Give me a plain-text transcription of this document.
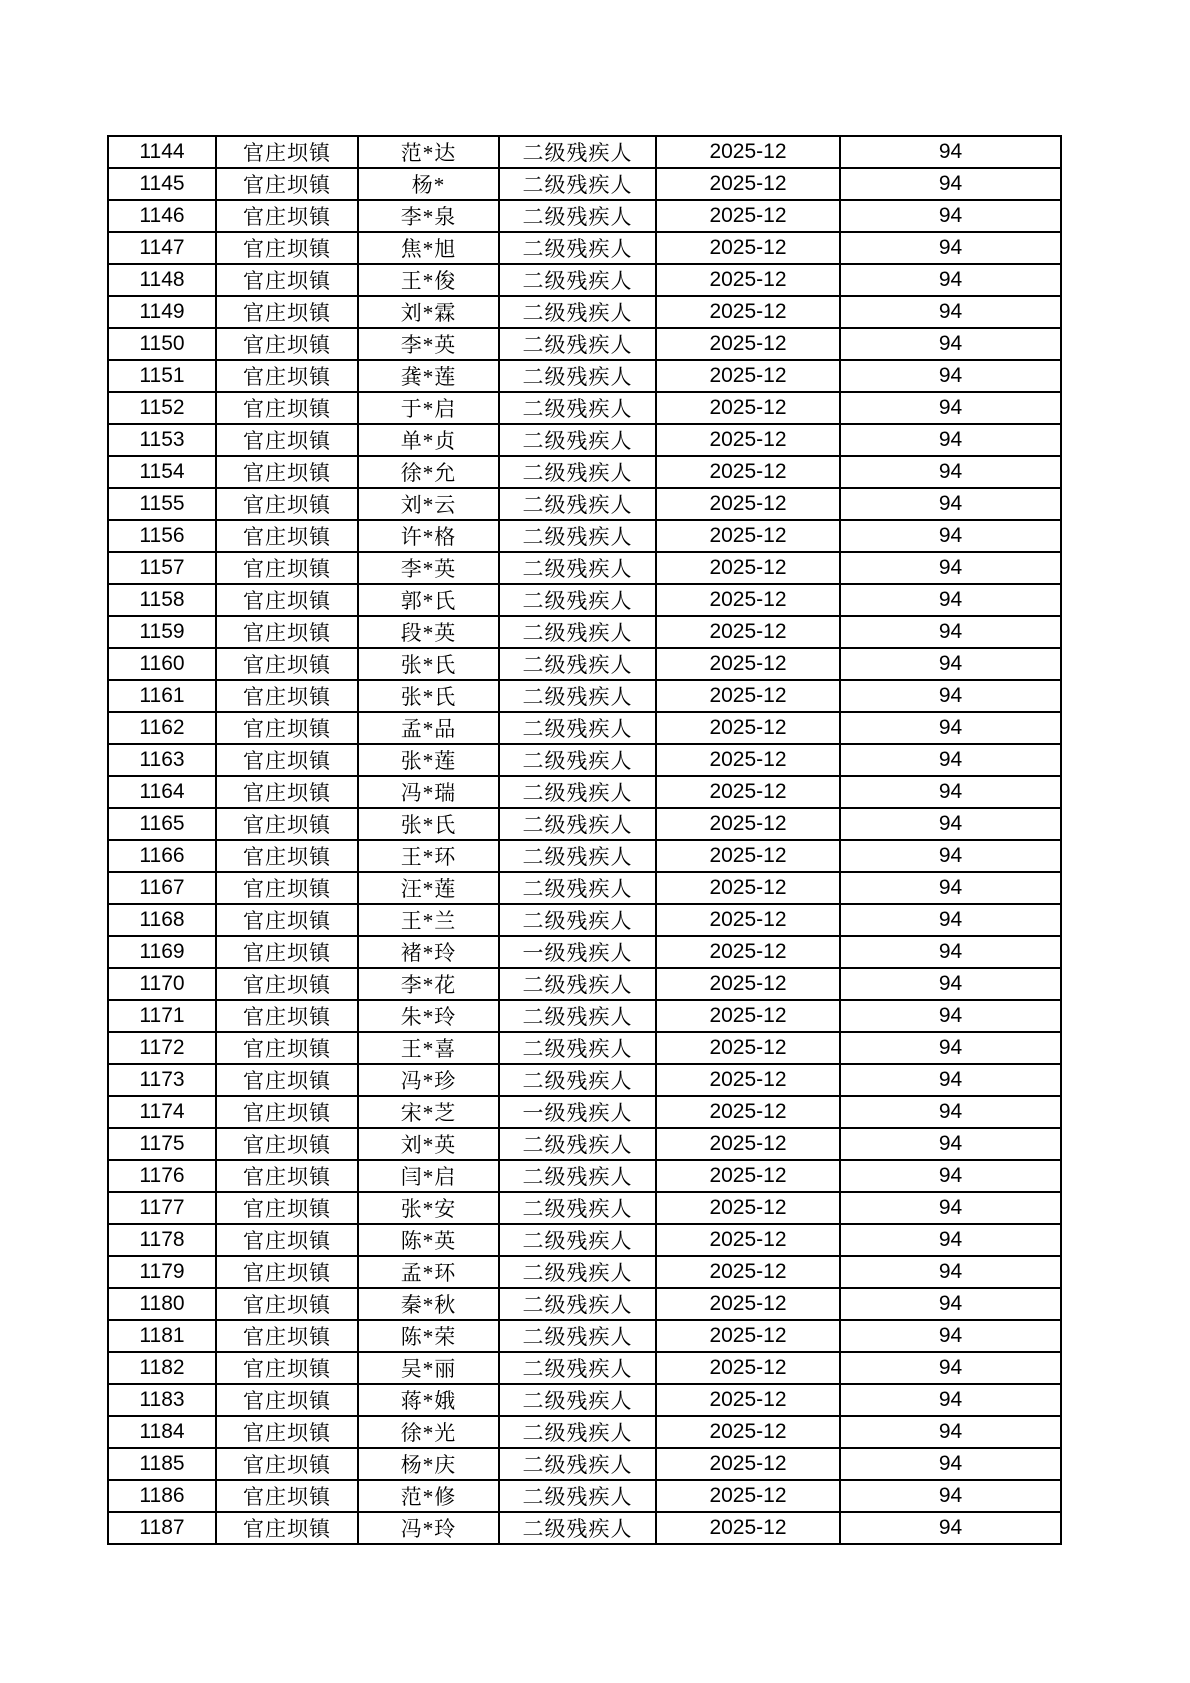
1144	官庄坝镇	范*达	二级残疾人	2025-12	94
1145	官庄坝镇	杨*	二级残疾人	2025-12	94
1146	官庄坝镇	李*泉	二级残疾人	2025-12	94
1147	官庄坝镇	焦*旭	二级残疾人	2025-12	94
1148	官庄坝镇	王*俊	二级残疾人	2025-12	94
1149	官庄坝镇	刘*霖	二级残疾人	2025-12	94
1150	官庄坝镇	李*英	二级残疾人	2025-12	94
1151	官庄坝镇	龚*莲	二级残疾人	2025-12	94
1152	官庄坝镇	于*启	二级残疾人	2025-12	94
1153	官庄坝镇	单*贞	二级残疾人	2025-12	94
1154	官庄坝镇	徐*允	二级残疾人	2025-12	94
1155	官庄坝镇	刘*云	二级残疾人	2025-12	94
1156	官庄坝镇	许*格	二级残疾人	2025-12	94
1157	官庄坝镇	李*英	二级残疾人	2025-12	94
1158	官庄坝镇	郭*氏	二级残疾人	2025-12	94
1159	官庄坝镇	段*英	二级残疾人	2025-12	94
1160	官庄坝镇	张*氏	二级残疾人	2025-12	94
1161	官庄坝镇	张*氏	二级残疾人	2025-12	94
1162	官庄坝镇	孟*品	二级残疾人	2025-12	94
1163	官庄坝镇	张*莲	二级残疾人	2025-12	94
1164	官庄坝镇	冯*瑞	二级残疾人	2025-12	94
1165	官庄坝镇	张*氏	二级残疾人	2025-12	94
1166	官庄坝镇	王*环	二级残疾人	2025-12	94
1167	官庄坝镇	汪*莲	二级残疾人	2025-12	94
1168	官庄坝镇	王*兰	二级残疾人	2025-12	94
1169	官庄坝镇	褚*玲	一级残疾人	2025-12	94
1170	官庄坝镇	李*花	二级残疾人	2025-12	94
1171	官庄坝镇	朱*玲	二级残疾人	2025-12	94
1172	官庄坝镇	王*喜	二级残疾人	2025-12	94
1173	官庄坝镇	冯*珍	二级残疾人	2025-12	94
1174	官庄坝镇	宋*芝	一级残疾人	2025-12	94
1175	官庄坝镇	刘*英	二级残疾人	2025-12	94
1176	官庄坝镇	闫*启	二级残疾人	2025-12	94
1177	官庄坝镇	张*安	二级残疾人	2025-12	94
1178	官庄坝镇	陈*英	二级残疾人	2025-12	94
1179	官庄坝镇	孟*环	二级残疾人	2025-12	94
1180	官庄坝镇	秦*秋	二级残疾人	2025-12	94
1181	官庄坝镇	陈*荣	二级残疾人	2025-12	94
1182	官庄坝镇	吴*丽	二级残疾人	2025-12	94
1183	官庄坝镇	蒋*娥	二级残疾人	2025-12	94
1184	官庄坝镇	徐*光	二级残疾人	2025-12	94
1185	官庄坝镇	杨*庆	二级残疾人	2025-12	94
1186	官庄坝镇	范*修	二级残疾人	2025-12	94
1187	官庄坝镇	冯*玲	二级残疾人	2025-12	94
